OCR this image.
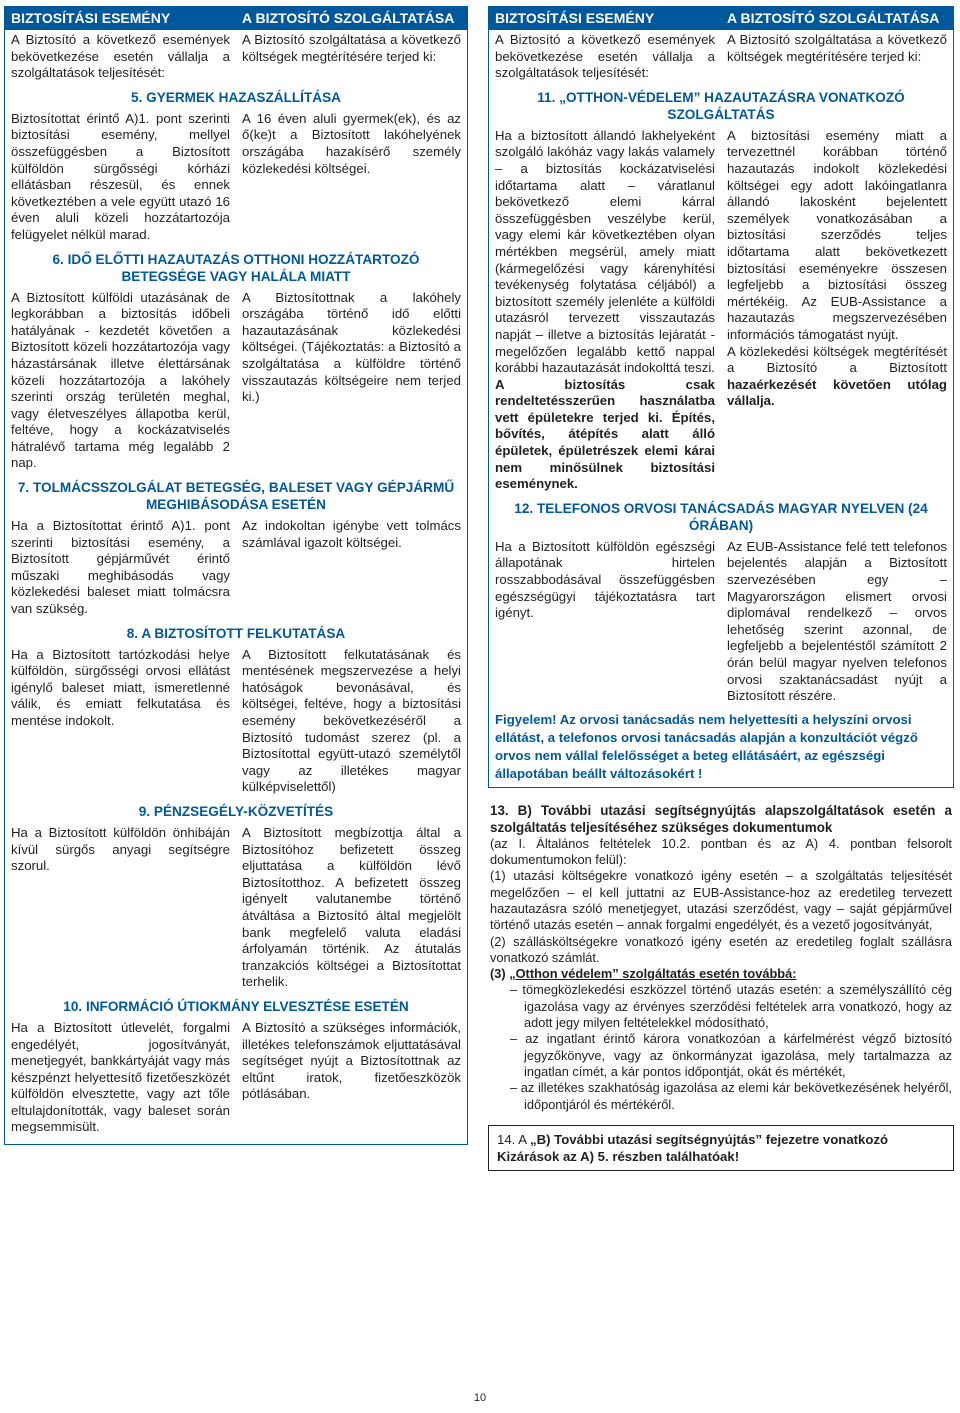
BIZTOSÍTÁSI ESEMÉNY	A BIZTOSÍTÓ SZOLGÁLTATÁSA
A Biztosító a következő események bekövetkezése esetén vállalja a szolgáltatások teljesítését:
A Biztosító szolgáltatása a következő költségek megtérítésére terjed ki:
5. GYERMEK HAZASZÁLLÍTÁSA
Biztosítottat érintő A)1. pont szerinti biztosítási esemény, mellyel összefüggésben a Biztosított külföldön sürgősségi kórházi ellátásban részesül, és ennek következtében a vele együtt utazó 16 éven aluli közeli hozzátartozója felügyelet nélkül marad.
A 16 éven aluli gyermek(ek), és az ő(ke)t a Biztosított lakóhelyének országába hazakísérő személy közlekedési költségei.
6. IDŐ ELŐTTI HAZAUTAZÁS OTTHONI HOZZÁTARTOZÓ BETEGSÉGE VAGY HALÁLA MIATT
A Biztosított külföldi utazásának de legkorábban a biztosítás időbeli hatályának - kezdetét követően a Biztosított közeli hozzátartozója vagy házastársának illetve élettársának közeli hozzátartozója a lakóhely szerinti ország területén meghal, vagy életveszélyes állapotba kerül, feltéve, hogy a kockázatviselés hátralévő tartama még legalább 2 nap.
A Biztosítottnak a lakóhely országába történő idő előtti hazautazásának közlekedési költségei. (Tájékoztatás: a Biztosító a szolgáltatása a külföldre történő visszautazás költségeire nem terjed ki.)
7. TOLMÁCSSZOLGÁLAT BETEGSÉG, BALESET VAGY GÉPJÁRMŰ MEGHIBÁSODÁSA ESETÉN
Ha a Biztosítottat érintő A)1. pont szerinti biztosítási esemény, a Biztosított gépjárművét érintő műszaki meghibásodás vagy közlekedési baleset miatt tolmácsra van szükség.
Az indokoltan igénybe vett tolmács számlával igazolt költségei.
8. A BIZTOSÍTOTT FELKUTATÁSA
Ha a Biztosított tartózkodási helye külföldön, sürgősségi orvosi ellátást igénylő baleset miatt, ismeretlenné válik, és emiatt felkutatása és mentése indokolt.
A Biztosított felkutatásának és mentésének megszervezése a helyi hatóságok bevonásával, és költségei, feltéve, hogy a biztosítási esemény bekövetkezéséről a Biztosító tudomást szerez (pl. a Biztosítottal együtt-utazó személytől vagy az illetékes magyar külképviselettől)
9. PÉNZSEGÉLY-KÖZVETÍTÉS
Ha a Biztosított külföldön önhibáján kívül sürgős anyagi segítségre szorul.
A Biztosított megbízottja által a Biztosítóhoz befizetett összeg eljuttatása a külföldön lévő Biztosítotthoz. A befizetett összeg igényelt valutanembe történő átváltása a Biztosító által megjelölt bank megfelelő valuta eladási árfolyamán történik. Az átutalás tranzakciós költségei a Biztosítottat terhelik.
10. INFORMÁCIÓ ÚTIOKMÁNY ELVESZTÉSE ESETÉN
Ha a Biztosított útlevelét, forgalmi engedélyét, jogosítványát, menetjegyét, bankkártyáját vagy más készpénzt helyettesítő fizetőeszközét külföldön elvesztette, vagy azt tőle eltulajdonították, vagy baleset során megsemmisült.
A Biztosító a szükséges információk, illetékes telefonszámok eljuttatásával segítséget nyújt a Biztosítottnak az eltűnt iratok, fizetőeszközök pótlásában.
BIZTOSÍTÁSI ESEMÉNY	A BIZTOSÍTÓ SZOLGÁLTATÁSA
A Biztosító a következő események bekövetkezése esetén vállalja a szolgáltatások teljesítését:
A Biztosító szolgáltatása a következő költségek megtérítésére terjed ki:
11. „OTTHON-VÉDELEM” HAZAUTAZÁSRA VONATKOZÓ SZOLGÁLTATÁS
Ha a biztosított állandó lakhelyeként szolgáló lakóház vagy lakás valamely – a biztosítás kockázatviselési időtartama alatt – váratlanul bekövetkező elemi kárral összefüggésben veszélybe kerül, vagy elemi kár következtében olyan mértékben megsérül, amely miatt (kármegelőzési vagy kárenyhítési tevékenység folytatása céljából) a biztosított személy jelenléte a külföldi utazásról tervezett visszautazás napját – illetve a biztosítás lejáratát - megelőzően legalább kettő nappal korábbi hazautazását indokolttá teszi.
A biztosítás csak rendeltetésszerűen használatba vett épületekre terjed ki. Építés, bővítés, átépítés alatt álló épületek, épületrészek elemi kárai nem minősülnek biztosítási eseménynek.
A biztosítási esemény miatt a tervezettnél korábban történő hazautazás indokolt közlekedési költségei egy adott lakóingatlanra állandó lakosként bejelentett személyek vonatkozásában a biztosítási szerződés teljes időtartama alatt bekövetkezett biztosítási eseményekre összesen legfeljebb a biztosítási összeg mértékéig. Az EUB-Assistance a hazautazás megszervezésében információs támogatást nyújt.
A közlekedési költségek megtérítését a Biztosító a Biztosított hazaérkezését követően utólag vállalja.
12. TELEFONOS ORVOSI TANÁCSADÁS MAGYAR NYELVEN (24 ÓRÁBAN)
Ha a Biztosított külföldön egészségi állapotának hirtelen rosszabbodásával összefüggésben egészségügyi tájékoztatásra tart igényt.
Az EUB-Assistance felé tett telefonos bejelentés alapján a Biztosított szervezésében egy – Magyarországon elismert orvosi diplomával rendelkező – orvos lehetőség szerint azonnal, de legfeljebb a bejelentéstől számított 2 órán belül magyar nyelven telefonos orvosi szaktanácsadást nyújt a Biztosított részére.
Figyelem! Az orvosi tanácsadás nem helyettesíti a helyszíni orvosi ellátást, a telefonos orvosi tanácsadás alapján a konzultációt végző orvos nem vállal felelősséget a beteg ellátásáért, az egészségi állapotában beállt változásokért !

13. B) További utazási segítségnyújtás alapszolgáltatások esetén a szolgáltatás teljesítéséhez szükséges dokumentumok

(az I. Általános feltételek 10.2. pontban és az A) 4. pontban felsorolt dokumentumokon felül):

(1) utazási költségekre vonatkozó igény esetén – a szolgáltatás teljesítését megelőzően – el kell juttatni az EUB-Assistance-hoz az eredetileg tervezett hazautazásra szóló menetjegyet, utazási szerződést, vagy – saját gépjárművel történő utazás esetén – annak forgalmi engedélyét, és a vezető jogosítványát,

(2) szállásköltségekre vonatkozó igény esetén az eredetileg foglalt szállásra vonatkozó számlát.

(3) „Otthon védelem” szolgáltatás esetén továbbá:

– tömegközlekedési eszközzel történő utazás esetén: a személyszállító cég igazolása vagy az érvényes szerződési feltételek arra vonatkozó, hogy az adott jegy milyen feltételekkel módosítható,

– az ingatlant érintő károra vonatkozóan a kárfelmérést végző biztosító jegyzőkönyve, vagy az önkormányzat igazolása, mely tartalmazza az ingatlan címét, a kár pontos időpontját, okát és mértékét,

– az illetékes szakhatóság igazolása az elemi kár bekövetkezésének helyéről, időpontjáról és mértékéről.

14. A „B) További utazási segítségnyújtás” fejezetre vonatkozó Kizárások az A) 5. részben találhatóak!
10
